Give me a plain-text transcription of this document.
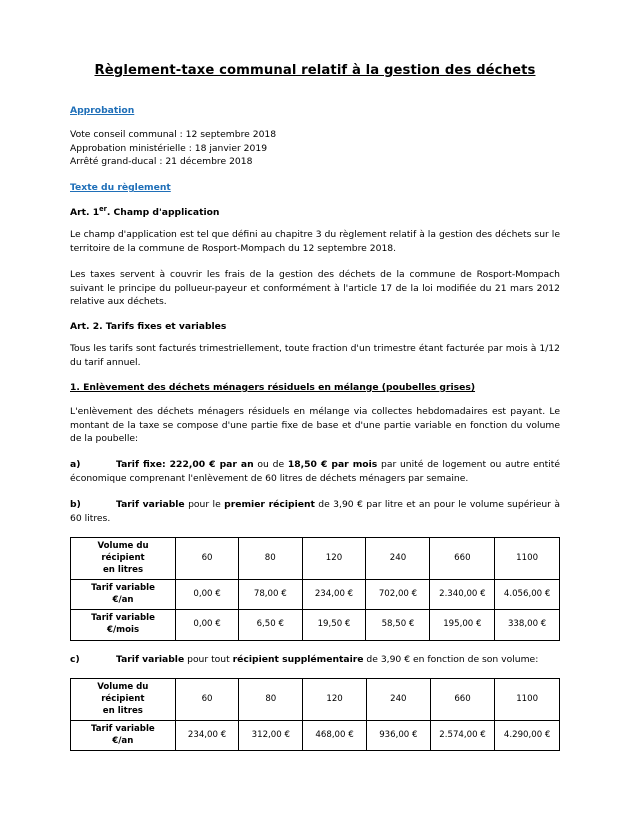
Règlement-taxe communal relatif à la gestion des déchets
Approbation
Vote conseil communal : 12 septembre 2018
Approbation ministérielle : 18 janvier 2019
Arrêté grand-ducal : 21 décembre 2018
Texte du règlement
Art. 1er. Champ d'application

Le champ d'application est tel que défini au chapitre 3 du règlement relatif à la gestion des déchets sur le territoire de la commune de Rosport-Mompach du 12 septembre 2018.

Les taxes servent à couvrir les frais de la gestion des déchets de la commune de Rosport-Mompach suivant le principe du pollueur-payeur et conformément à l'article 17 de la loi modifiée du 21 mars 2012 relative aux déchets.

Art. 2. Tarifs fixes et variables

Tous les tarifs sont facturés trimestriellement, toute fraction d'un trimestre étant facturée par mois à 1/12 du tarif annuel.

1. Enlèvement des déchets ménagers résiduels en mélange (poubelles grises)

L'enlèvement des déchets ménagers résiduels en mélange via collectes hebdomadaires est payant. Le montant de la taxe se compose d'une partie fixe de base et d'une partie variable en fonction du volume de la poubelle:

a)	Tarif fixe: 222,00 € par an ou de 18,50 € par mois par unité de logement ou autre entité économique comprenant l'enlèvement de 60 litres de déchets ménagers par semaine.
b)	Tarif variable pour le premier récipient de 3,90 € par litre et an pour le volume supérieur à 60 litres.
Volume du
récipient
en litres	60	80	120	240	660	1100
Tarif variable
€/an	0,00 €	78,00 €	234,00 €	702,00 €	2.340,00 €	4.056,00 €
Tarif variable
€/mois	0,00 €	6,50 €	19,50 €	58,50 €	195,00 €	338,00 €
c)	Tarif variable pour tout récipient supplémentaire de 3,90 € en fonction de son volume:
Volume du
récipient
en litres	60	80	120	240	660	1100
Tarif variable
€/an	234,00 €	312,00 €	468,00 €	936,00 €	2.574,00 €	4.290,00 €
